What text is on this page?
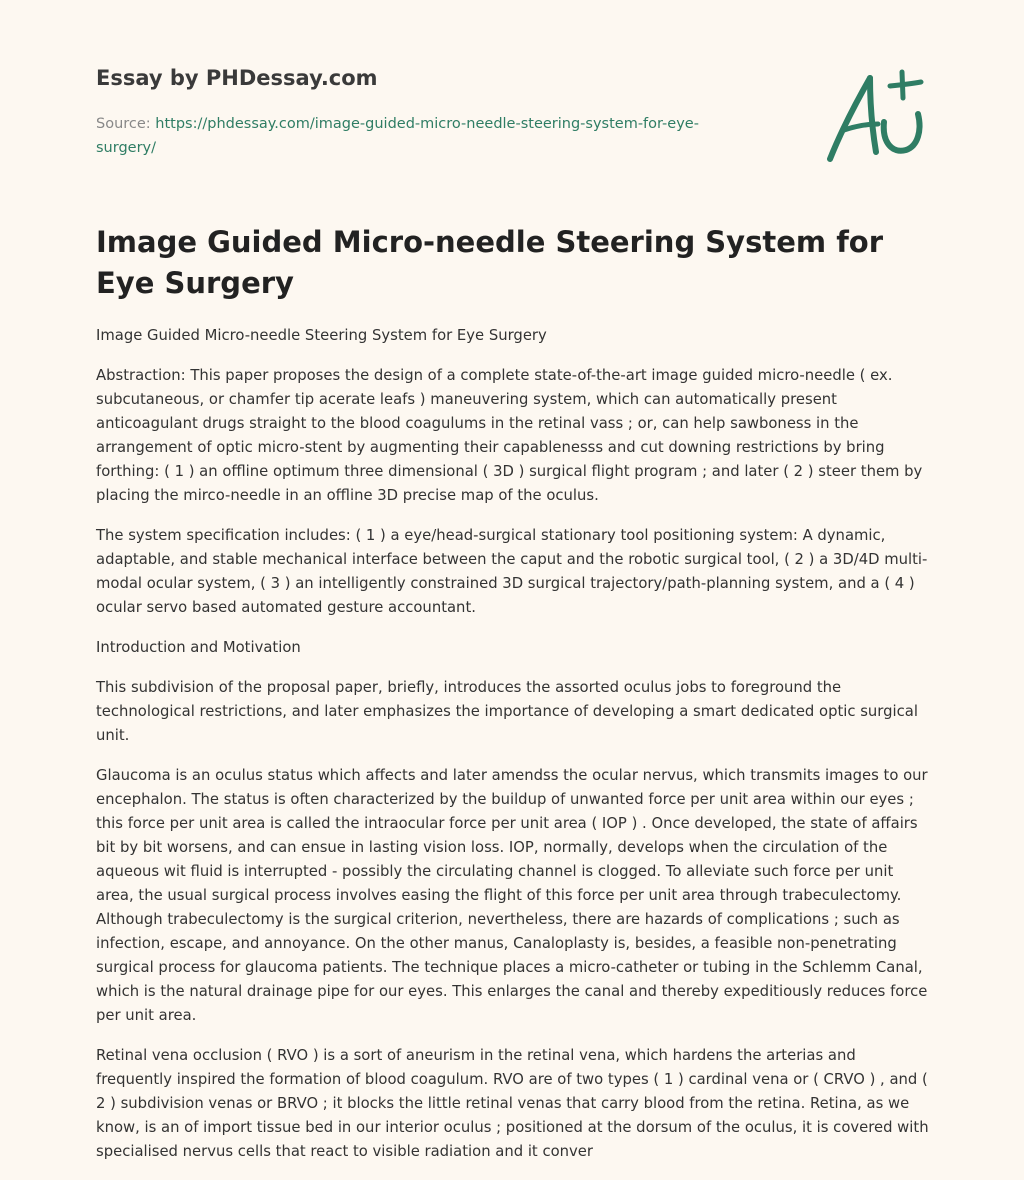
Essay by PHDessay.com
Source: https://phdessay.com/image-guided-micro-needle-steering-system-for-eye-surgery/
Image Guided Micro-needle Steering System for Eye Surgery

Image Guided Micro-needle Steering System for Eye Surgery

Abstraction: This paper proposes the design of a complete state-of-the-art image guided micro-needle ( ex. subcutaneous, or chamfer tip acerate leafs ) maneuvering system, which can automatically present anticoagulant drugs straight to the blood coagulums in the retinal vass ; or, can help sawboness in the arrangement of optic micro-stent by augmenting their capablenesss and cut downing restrictions by bring forthing: ( 1 ) an offline optimum three dimensional ( 3D ) surgical flight program ; and later ( 2 ) steer them by placing the mirco-needle in an offline 3D precise map of the oculus.

The system specification includes: ( 1 ) a eye/head-surgical stationary tool positioning system: A dynamic, adaptable, and stable mechanical interface between the caput and the robotic surgical tool, ( 2 ) a 3D/4D multi-modal ocular system, ( 3 ) an intelligently constrained 3D surgical trajectory/path-planning system, and a ( 4 ) ocular servo based automated gesture accountant.

Introduction and Motivation

This subdivision of the proposal paper, briefly, introduces the assorted oculus jobs to foreground the technological restrictions, and later emphasizes the importance of developing a smart dedicated optic surgical unit.

Glaucoma is an oculus status which affects and later amendss the ocular nervus, which transmits images to our encephalon. The status is often characterized by the buildup of unwanted force per unit area within our eyes ; this force per unit area is called the intraocular force per unit area ( IOP ) . Once developed, the state of affairs bit by bit worsens, and can ensue in lasting vision loss. IOP, normally, develops when the circulation of the aqueous wit fluid is interrupted - possibly the circulating channel is clogged. To alleviate such force per unit area, the usual surgical process involves easing the flight of this force per unit area through trabeculectomy. Although trabeculectomy is the surgical criterion, nevertheless, there are hazards of complications ; such as infection, escape, and annoyance. On the other manus, Canaloplasty is, besides, a feasible non-penetrating surgical process for glaucoma patients. The technique places a micro-catheter or tubing in the Schlemm Canal, which is the natural drainage pipe for our eyes. This enlarges the canal and thereby expeditiously reduces force per unit area.

Retinal vena occlusion ( RVO ) is a sort of aneurism in the retinal vena, which hardens the arterias and frequently inspired the formation of blood coagulum. RVO are of two types ( 1 ) cardinal vena or ( CRVO ) , and ( 2 ) subdivision venas or BRVO ; it blocks the little retinal venas that carry blood from the retina. Retina, as we know, is an of import tissue bed in our interior oculus ; positioned at the dorsum of the oculus, it is covered with specialised nervus cells that react to visible radiation and it conver
